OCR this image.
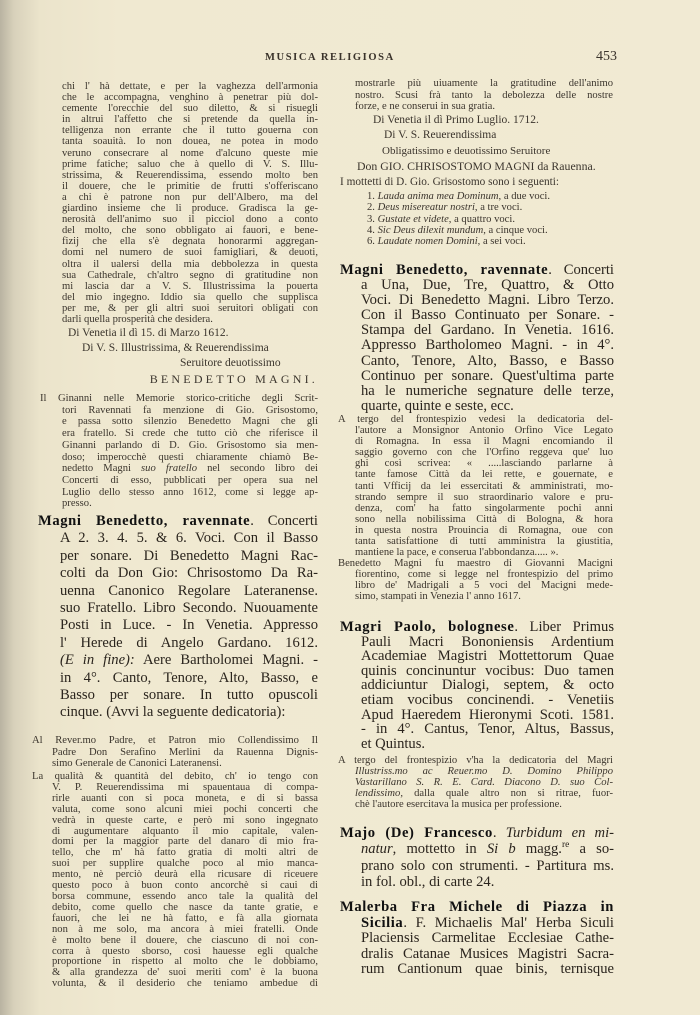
MUSICA RELIGIOSA	453
chi l' hà dettate, e per la vaghezza dell'armonia
che le accompagna, venghino à penetrar più dol-
cemente l'orecchie del suo diletto, & si risuegli
in altrui l'affetto che si pretende da quella in-
telligenza non errante che il tutto gouerna con
tanta soauità. Io non douea, ne potea in modo
veruno consecrare al nome d'alcuno queste mie
prime fatiche; saluo che à quello di V. S. Illu-
strissima, & Reuerendissima, essendo molto ben
il douere, che le primitie de frutti s'offeriscano
a chi è patrone non pur dell'Albero, ma del
giardino insieme che li produce. Gradisca la ge-
nerosità dell'animo suo il picciol dono a conto
del molto, che sono obbligato ai fauori, e bene-
fizij che ella s'è degnata honorarmi aggregan-
domi nel numero de suoi famigliari, & deuoti,
oltra il ualersi della mia debbolezza in questa
sua Cathedrale, ch'altro segno di gratitudine non
mi lascia dar a V. S. Illustrissima la pouerta
del mio ingegno. Iddio sia quello che supplisca
per me, & per gli altri suoi seruitori obligati con
darli quella prosperità che desidera.
Di Venetia il dì 15. di Marzo 1612.
Di V. S. Illustrissima, & Reuerendissima
Seruitore deuotissimo
BENEDETTO MAGNI.
Il Ginanni nelle Memorie storico-critiche degli Scrit-
tori Ravennati fa menzione di Gio. Grisostomo,
e passa sotto silenzio Benedetto Magni che gli
era fratello. Si crede che tutto ciò che riferisce il
Ginanni parlando di D. Gio. Grisostomo sia men-
doso; imperocchè questi chiaramente chiamò Be-
nedetto Magni suo fratello nel secondo libro dei
Concerti di esso, pubblicati per opera sua nel
Luglio dello stesso anno 1612, come si legge ap-
presso.
Magni Benedetto, ravennate. Concerti
A 2. 3. 4. 5. & 6. Voci. Con il Basso
per sonare. Di Benedetto Magni Rac-
colti da Don Gio: Chrisostomo Da Ra-
uenna Canonico Regolare Lateranense.
suo Fratello. Libro Secondo. Nuouamente
Posti in Luce. - In Venetia. Appresso
l' Herede di Angelo Gardano. 1612.
(E in fine): Aere Bartholomei Magni. -
in 4°. Canto, Tenore, Alto, Basso, e
Basso per sonare. In tutto opuscoli
cinque. (Avvi la seguente dedicatoria):
Al Rever.mo Padre, et Patron mio Collendissimo Il
Padre Don Serafino Merlini da Rauenna Dignis-
simo Generale de Canonici Lateranensi.
La qualità & quantità del debito, ch' io tengo con
V. P. Reuerendissima mi spauentaua di compa-
rirle auanti con si poca moneta, e di si bassa
valuta, come sono alcuni miei pochi concerti che
vedrà in queste carte, e però mi sono ingegnato
di augumentare alquanto il mio capitale, valen-
domi per la maggior parte del danaro di mio fra-
tello, che m' hà fatto gratia di molti altri de
suoi per supplire qualche poco al mio manca-
mento, nè perciò deurà ella ricusare di riceuere
questo poco à buon conto ancorchè si caui di
borsa commune, essendo anco tale la qualità del
debito, come quello che nasce da tante gratie, e
fauori, che lei ne hà fatto, e fà alla giornata
non à me solo, ma ancora à miei fratelli. Onde
è molto bene il douere, che ciascuno di noi con-
corra à questo sborso, così hauesse egli qualche
proportione in rispetto al molto che le dobbiamo,
& alla grandezza de' suoi meriti com' è la buona
volunta, & il desiderio che teniamo ambedue di
mostrarle più uiuamente la gratitudine dell'animo
nostro. Scusi frà tanto la debolezza delle nostre
forze, e ne conserui in sua gratia.
Di Venetia il dì Primo Luglio. 1712.
Di V. S. Reuerendissima
Obligatissimo e deuotissimo Seruitore
Don GIO. CHRISOSTOMO MAGNI da Rauenna.
I mottetti di D. Gio. Grisostomo sono i seguenti:
1. Lauda anima mea Dominum, a due voci.
2. Deus misereatur nostri, a tre voci.
3. Gustate et videte, a quattro voci.
4. Sic Deus dilexit mundum, a cinque voci.
6. Laudate nomen Domini, a sei voci.
Magni Benedetto, ravennate. Concerti
a Una, Due, Tre, Quattro, & Otto
Voci. Di Benedetto Magni. Libro Terzo.
Con il Basso Continuato per Sonare. -
Stampa del Gardano. In Venetia. 1616.
Appresso Bartholomeo Magni. - in 4°.
Canto, Tenore, Alto, Basso, e Basso
Continuo per sonare. Quest'ultima parte
ha le numeriche segnature delle terze,
quarte, quinte e seste, ecc.
A tergo del frontespizio vedesi la dedicatoria del-
l'autore a Monsignor Antonio Orfino Vice Legato
di Romagna. In essa il Magni encomiando il
saggio governo con che l'Orfino reggeva que' luo
ghi così scrivea: « .....lasciando parlarne à
tante famose Città da lei rette, e gouernate, e
tanti Vfficij da lei essercitati & amministrati, mo-
strando sempre il suo straordinario valore e pru-
denza, com' ha fatto singolarmente pochi anni
sono nella nobilissima Città di Bologna, & hora
in questa nostra Prouincia di Romagna, oue con
tanta satisfattione di tutti amministra la giustitia,
mantiene la pace, e conserua l'abbondanza..... ».
Benedetto Magni fu maestro di Giovanni Macigni
fiorentino, come si legge nel frontespizio del primo
libro de' Madrigali a 5 voci del Macigni mede-
simo, stampati in Venezia l' anno 1617.
Magri Paolo, bolognese. Liber Primus
Pauli Macri Bononiensis Ardentium
Academiae Magistri Mottettorum Quae
quinis concinuntur vocibus: Duo tamen
addiciuntur Dialogi, septem, & octo
etiam vocibus concinendi. - Venetiis
Apud Haeredem Hieronymi Scoti. 1581.
- in 4°. Cantus, Tenor, Altus, Bassus,
et Quintus.
A tergo del frontespizio v'ha la dedicatoria del Magri
Illustriss.mo ac Reuer.mo D. Domino Philippo
Vastarillano S. R. E. Card. Diacono D. suo Col-
lendissimo, dalla quale altro non si ritrae, fuor-
chè l'autore esercitava la musica per professione.
Majo (De) Francesco. Turbidum en mi-
natur, mottetto in Si b magg.$^{re}$ a so-
prano solo con strumenti. - Partitura ms.
in fol. obl., di carte 24.
Malerba Fra Michele di Piazza in
Sicilia. F. Michaelis Mal' Herba Siculi
Placiensis Carmelitae Ecclesiae Cathe-
dralis Catanae Musices Magistri Sacra-
rum Cantionum quae binis, ternisque
